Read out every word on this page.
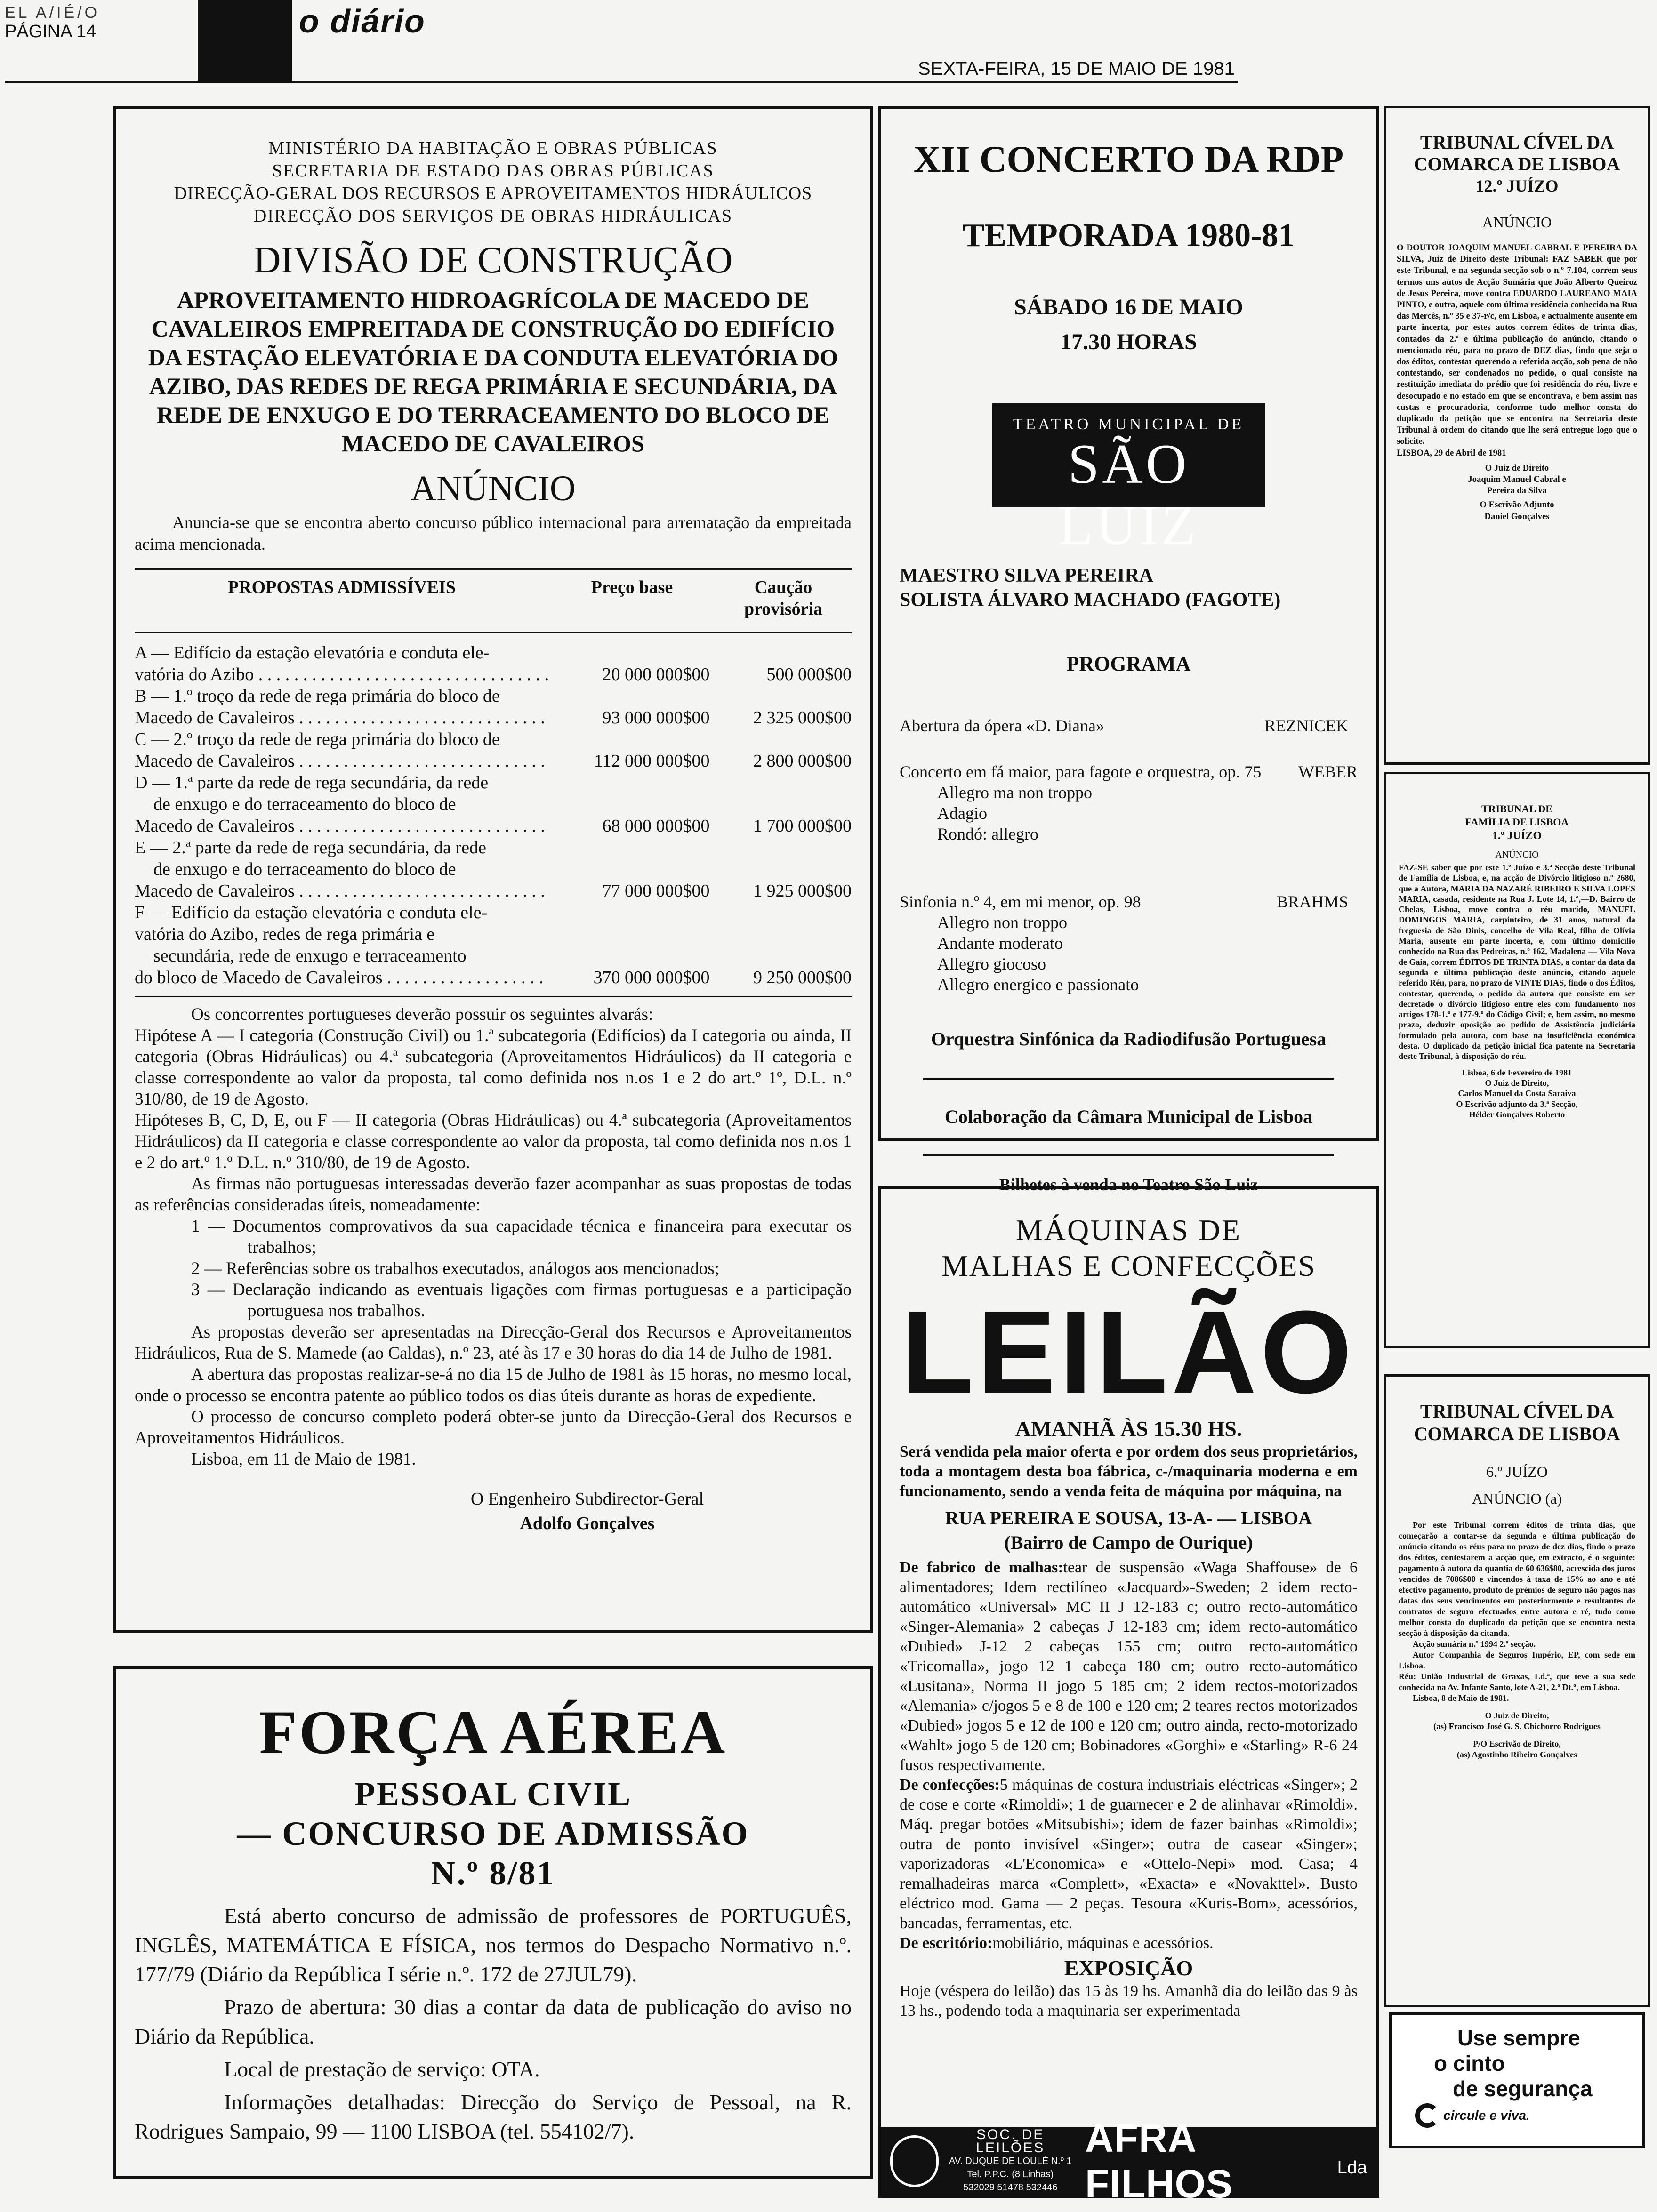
EL A/IÉ/O
PÁGINA 14	o diário
SEXTA-FEIRA, 15 DE MAIO DE 1981
MINISTÉRIO DA HABITAÇÃO E OBRAS PÚBLICAS
SECRETARIA DE ESTADO DAS OBRAS PÚBLICAS
DIRECÇÃO-GERAL DOS RECURSOS E APROVEITAMENTOS HIDRÁULICOS
DIRECÇÃO DOS SERVIÇOS DE OBRAS HIDRÁULICAS
DIVISÃO DE CONSTRUÇÃO
APROVEITAMENTO HIDROAGRÍCOLA DE MACEDO DE CAVALEIROS EMPREITADA DE CONSTRUÇÃO DO EDIFÍCIO DA ESTAÇÃO ELEVATÓRIA E DA CONDUTA ELEVATÓRIA DO AZIBO, DAS REDES DE REGA PRIMÁRIA E SECUNDÁRIA, DA REDE DE ENXUGO E DO TERRACEAMENTO DO BLOCO DE MACEDO DE CAVALEIROS
ANÚNCIO
Anuncia-se que se encontra aberto concurso público internacional para arrematação da empreitada acima mencionada.
PROPOSTAS ADMISSÍVEIS	Preço base	Caução provisória
A — Edifício da estação elevatória e conduta ele-
vatória do Azibo . . .	20 000 000$00	500 000$00
B — 1.º troço da rede de rega primária do bloco de
Macedo de Cavaleiros . . .	93 000 000$00	2 325 000$00
C — 2.º troço da rede de rega primária do bloco de
Macedo de Cavaleiros . . .	112 000 000$00	2 800 000$00
D — 1.ª parte da rede de rega secundária, da rede
de enxugo e do terraceamento do bloco de
Macedo de Cavaleiros . . .	68 000 000$00	1 700 000$00
E — 2.ª parte da rede de rega secundária, da rede
de enxugo e do terraceamento do bloco de
Macedo de Cavaleiros . . .	77 000 000$00	1 925 000$00
F — Edifício da estação elevatória e conduta ele-
vatória do Azibo, redes de rega primária e
secundária, rede de enxugo e terraceamento
do bloco de Macedo de Cavaleiros . . .	370 000 000$00	9 250 000$00

Os concorrentes portugueses deverão possuir os seguintes alvarás:

Hipótese A — I categoria (Construção Civil) ou 1.ª subcategoria (Edifícios) da I categoria ou ainda, II categoria (Obras Hidráulicas) ou 4.ª subcategoria (Aproveitamentos Hidráulicos) da II categoria e classe correspondente ao valor da proposta, tal como definida nos n.os 1 e 2 do art.º 1º, D.L. n.º 310/80, de 19 de Agosto.

Hipóteses B, C, D, E, ou F — II categoria (Obras Hidráulicas) ou 4.ª subcategoria (Aproveitamentos Hidráulicos) da II categoria e classe correspondente ao valor da proposta, tal como definida nos n.os 1 e 2 do art.º 1.º D.L. n.º 310/80, de 19 de Agosto.

As firmas não portuguesas interessadas deverão fazer acompanhar as suas propostas de todas as referências consideradas úteis, nomeadamente:

1 — Documentos comprovativos da sua capacidade técnica e financeira para executar os trabalhos;

2 — Referências sobre os trabalhos executados, análogos aos mencionados;

3 — Declaração indicando as eventuais ligações com firmas portuguesas e a participação portuguesa nos trabalhos.

As propostas deverão ser apresentadas na Direcção-Geral dos Recursos e Aproveitamentos Hidráulicos, Rua de S. Mamede (ao Caldas), n.º 23, até às 17 e 30 horas do dia 14 de Julho de 1981.

A abertura das propostas realizar-se-á no dia 15 de Julho de 1981 às 15 horas, no mesmo local, onde o processo se encontra patente ao público todos os dias úteis durante as horas de expediente.

O processo de concurso completo poderá obter-se junto da Direcção-Geral dos Recursos e Aproveitamentos Hidráulicos.

Lisboa, em 11 de Maio de 1981.

O Engenheiro Subdirector-Geral
Adolfo Gonçalves
FORÇA AÉREA
PESSOAL CIVIL
— CONCURSO DE ADMISSÃO
N.º 8/81

Está aberto concurso de admissão de professores de PORTUGUÊS, INGLÊS, MATEMÁTICA E FÍSICA, nos termos do Despacho Normativo n.º. 177/79 (Diário da República I série n.º. 172 de 27JUL79).

Prazo de abertura: 30 dias a contar da data de publicação do aviso no Diário da República.

Local de prestação de serviço: OTA.

Informações detalhadas: Direcção do Serviço de Pessoal, na R. Rodrigues Sampaio, 99 — 1100 LISBOA (tel. 554102/7).

XII CONCERTO DA RDP
TEMPORADA 1980-81
SÁBADO 16 DE MAIO
17.30 HORAS
TEATRO MUNICIPAL DE
SÃO LUIZ
MAESTRO SILVA PEREIRA
SOLISTA ÁLVARO MACHADO (FAGOTE)
PROGRAMA
Abertura da ópera «D. Diana»	REZNICEK
Concerto em fá maior, para fagote e orquestra, op. 75 WEBER
Allegro ma non troppo
Adagio
Rondó: allegro
Sinfonia n.º 4, em mi menor, op. 98	BRAHMS
Allegro non troppo
Andante moderato
Allegro giocoso
Allegro energico e passionato
Orquestra Sinfónica da Radiodifusão Portuguesa
Colaboração da Câmara Municipal de Lisboa
Bilhetes à venda no Teatro São Luiz
MÁQUINAS DE
MALHAS E CONFECÇÕES
LEILÃO
AMANHÃ ÀS 15.30 HS.
Será vendida pela maior oferta e por ordem dos seus proprietários, toda a montagem desta boa fábrica, c-/maquinaria moderna e em funcionamento, sendo a venda feita de máquina por máquina, na
RUA PEREIRA E SOUSA, 13-A- — LISBOA
(Bairro de Campo de Ourique)
De fabrico de malhas:tear de suspensão «Waga Shaffouse» de 6 alimentadores; Idem rectilíneo «Jacquard»-Sweden; 2 idem recto-automático «Universal» MC II J 12-183 c; outro recto-automático «Singer-Alemania» 2 cabeças J 12-183 cm; idem recto-automático «Dubied» J-12 2 cabeças 155 cm; outro recto-automático «Tricomalla», jogo 12 1 cabeça 180 cm; outro recto-automático «Lusitana», Norma II jogo 5 185 cm; 2 idem rectos-motorizados «Alemania» c/jogos 5 e 8 de 100 e 120 cm; 2 teares rectos motorizados «Dubied» jogos 5 e 12 de 100 e 120 cm; outro ainda, recto-motorizado «Wahlt» jogo 5 de 120 cm; Bobinadores «Gorghi» e «Starling» R-6 24 fusos respectivamente.
De confecções:5 máquinas de costura industriais eléctricas «Singer»; 2 de cose e corte «Rimoldi»; 1 de guarnecer e 2 de alinhavar «Rimoldi». Máq. pregar botões «Mitsubishi»; idem de fazer bainhas «Rimoldi»; outra de ponto invisível «Singer»; outra de casear «Singer»; vaporizadoras «L'Economica» e «Ottelo-Nepi» mod. Casa; 4 remalhadeiras marca «Complett», «Exacta» e «Novakttel». Busto eléctrico mod. Gama — 2 peças. Tesoura «Kuris-Bom», acessórios, bancadas, ferramentas, etc.
De escritório:mobiliário, máquinas e acessórios.
EXPOSIÇÃO
Hoje (véspera do leilão) das 15 às 19 hs. Amanhã dia do leilão das 9 às 13 hs., podendo toda a maquinaria ser experimentada
SOC. DE LEILÕES
AV. DUQUE DE LOULÉ N.º 1
Tel. P.P.C. (8 Linhas)
532029 51478 532446
AFRA FILHOS	Lda
TRIBUNAL CÍVEL DA COMARCA DE LISBOA
12.º JUÍZO
ANÚNCIO
O DOUTOR JOAQUIM MANUEL CABRAL E PEREIRA DA SILVA, Juiz de Direito deste Tribunal: FAZ SABER que por este Tribunal, e na segunda secção sob o n.º 7.104, correm seus termos uns autos de Acção Sumária que João Alberto Queiroz de Jesus Pereira, move contra EDUARDO LAUREANO MAIA PINTO, e outra, aquele com última residência conhecida na Rua das Mercês, n.º 35 e 37-r/c, em Lisboa, e actualmente ausente em parte incerta, por estes autos correm éditos de trinta dias, contados da 2.ª e última publicação do anúncio, citando o mencionado réu, para no prazo de DEZ dias, findo que seja o dos éditos, contestar querendo a referida acção, sob pena de não contestando, ser condenados no pedido, o qual consiste na restituição imediata do prédio que foi residência do réu, livre e desocupado e no estado em que se encontrava, e bem assim nas custas e procuradoria, conforme tudo melhor consta do duplicado da petição que se encontra na Secretaria deste Tribunal à ordem do citando que lhe será entregue logo que o solicite.
LISBOA, 29 de Abril de 1981
O Juiz de Direito
Joaquim Manuel Cabral e Pereira da Silva
O Escrivão Adjunto
Daniel Gonçalves
TRIBUNAL DE FAMÍLIA DE LISBOA
1.º JUÍZO
ANÚNCIO
FAZ-SE saber que por este 1.º Juízo e 3.ª Secção deste Tribunal de Família de Lisboa, e, na acção de Divórcio litigioso n.º 2680, que a Autora, MARIA DA NAZARÉ RIBEIRO E SILVA LOPES MARIA, casada, residente na Rua J. Lote 14, 1.º,—D. Bairro de Chelas, Lisboa, move contra o réu marido, MANUEL DOMINGOS MARIA, carpinteiro, de 31 anos, natural da freguesia de São Dinis, concelho de Vila Real, filho de Olívia Maria, ausente em parte incerta, e, com último domicílio conhecido na Rua das Pedreiras, n.º 162, Madalena — Vila Nova de Gaia, correm ÉDITOS DE TRINTA DIAS, a contar da data da segunda e última publicação deste anúncio, citando aquele referido Réu, para, no prazo de VINTE DIAS, findo o dos Éditos, contestar, querendo, o pedido da autora que consiste em ser decretado o divórcio litigioso entre eles com fundamento nos artigos 178-1.º e 177-9.º do Código Civil; e, bem assim, no mesmo prazo, deduzir oposição ao pedido de Assistência judiciária formulado pela autora, com base na insuficiência económica desta. O duplicado da petição inicial fica patente na Secretaria deste Tribunal, à disposição do réu.
Lisboa, 6 de Fevereiro de 1981
O Juiz de Direito,
Carlos Manuel da Costa Saraiva
O Escrivão adjunto da 3.ª Secção,
Hélder Gonçalves Roberto
TRIBUNAL CÍVEL DA COMARCA DE LISBOA
6.º JUÍZO
ANÚNCIO (a)
Por este Tribunal correm éditos de trinta dias, que começarão a contar-se da segunda e última publicação do anúncio citando os réus para no prazo de dez dias, findo o prazo dos éditos, contestarem a acção que, em extracto, é o seguinte: pagamento à autora da quantia de 60 636$80, acrescida dos juros vencidos de 7086$00 e vincendos à taxa de 15% ao ano e até efectivo pagamento, produto de prémios de seguro não pagos nas datas dos seus vencimentos em posteriormente e resultantes de contratos de seguro efectuados entre autora e ré, tudo como melhor consta do duplicado da petição que se encontra nesta secção à disposição da citanda.
Acção sumária n.º 1994 2.ª secção.
Autor Companhia de Seguros Império, EP, com sede em Lisboa.
Réu: União Industrial de Graxas, Ld.ª, que teve a sua sede conhecida na Av. Infante Santo, lote A-21, 2.º Dt.º, em Lisboa.
Lisboa, 8 de Maio de 1981.
O Juiz de Direito,
(as) Francisco José G. S. Chichorro Rodrigues
P/O Escrivão de Direito,
(as) Agostinho Ribeiro Gonçalves
Use sempre
o cinto
de segurança
circule e viva.
